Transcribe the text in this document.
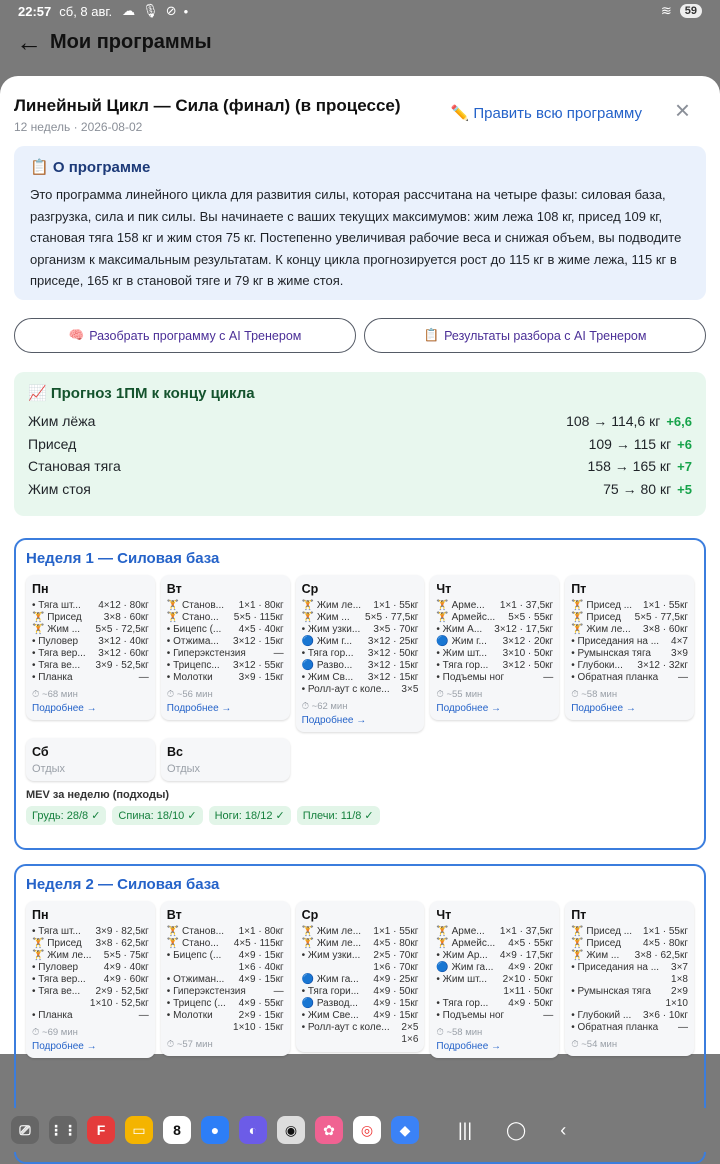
22:57 сб, 8 авг. ☁ 🎙 ⊘ •	≋	59
← Мои программы
Линейный Цикл — Сила (финал) (в процессе)
12 недель · 2026-08-02
✏️ Править всю программу ×
📋 О программе

Это программа линейного цикла для развития силы, которая рассчитана на четыре фазы: силовая база, разгрузка, сила и пик силы. Вы начинаете с ваших текущих максимумов: жим лежа 108 кг, присед 109 кг, становая тяга 158 кг и жим стоя 75 кг. Постепенно увеличивая рабочие веса и снижая объем, вы подводите организм к максимальным результатам. К концу цикла прогнозируется рост до 115 кг в жиме лежа, 115 кг в приседе, 165 кг в становой тяге и 79 кг в жиме стоя.

🧠 Разобрать программу с AI Тренером	📋 Результаты разбора с AI Тренером
📈 Прогноз 1ПМ к концу цикла
Жим лёжа	108 → 114,6 кг +6,6
Присед	109 → 115 кг +6
Становая тяга	158 → 165 кг +7
Жим стоя	75 → 80 кг +5
Неделя 1 — Силовая база
Пн
• Тяга шт... 4×12 · 80кг
🏋 Присед 3×8 · 60кг
🏋 Жим ... 5×5 · 72,5кг
• Пуловер 3×12 · 40кг
• Тяга вер... 3×12 · 60кг
• Тяга ве... 3×9 · 52,5кг
• Планка	—
⏱ ~68 мин
Подробнее →
Вт
🏋 Станов... 1×1 · 80кг
🏋 Стано... 5×5 · 115кг
• Бицепс (... 4×5 · 40кг
• Отжима... 3×12 · 15кг
• Гиперэкстензия	—
• Трицепс... 3×12 · 55кг
• Молотки	3×9 · 15кг
⏱ ~56 мин
Подробнее →
Ср
🏋 Жим ле... 1×1 · 55кг
🏋 Жим ... 5×5 · 77,5кг
• Жим узки... 3×5 · 70кг
🔵 Жим г... 3×12 · 25кг
• Тяга гор... 3×12 · 50кг
🔵 Разво... 3×12 · 15кг
• Жим Св... 3×12 · 15кг
• Ролл-аут с коле... 3×5
⏱ ~62 мин
Подробнее →
Чт
🏋 Арме... 1×1 · 37,5кг
🏋 Армейс... 5×5 · 55кг
• Жим А... 3×12 · 17,5кг
🔵 Жим г... 3×12 · 20кг
• Жим шт... 3×10 · 50кг
• Тяга гор... 3×12 · 50кг
• Подъемы ног	—
⏱ ~55 мин
Подробнее →
Пт
🏋 Присед ... 1×1 · 55кг
🏋 Присед 5×5 · 77,5кг
🏋 Жим ле... 3×8 · 60кг
• Приседания на ... 4×7
• Румынская тяга 3×9
• Глубоки... 3×12 · 32кг
• Обратная планка —
⏱ ~58 мин
Подробнее →
Сб
Отдых
Вс
Отдых
MEV за неделю (подходы)
Грудь: 28/8 ✓	Спина: 18/10 ✓	Ноги: 18/12 ✓	Плечи: 11/8 ✓
Неделя 2 — Силовая база
Пн
• Тяга шт... 3×9 · 82,5кг
🏋 Присед 3×8 · 62,5кг
🏋 Жим ле... 5×5 · 75кг
• Пуловер	4×9 · 40кг
• Тяга вер... 4×9 · 60кг
• Тяга ве... 2×9 · 52,5кг
1×10 · 52,5кг
• Планка	—
⏱ ~69 мин
Подробнее →
Вт
🏋 Станов... 1×1 · 80кг
🏋 Стано... 4×5 · 115кг
• Бицепс (... 4×9 · 15кг
1×6 · 40кг
• Отжиман... 4×9 · 15кг
• Гиперэкстензия	—
• Трицепс (... 4×9 · 55кг
• Молотки	2×9 · 15кг
1×10 · 15кг
⏱ ~57 мин
Ср
🏋 Жим ле... 1×1 · 55кг
🏋 Жим ле... 4×5 · 80кг
• Жим узки... 2×5 · 70кг
1×6 · 70кг
🔵 Жим га... 4×9 · 25кг
• Тяга гори... 4×9 · 50кг
🔵 Развод... 4×9 · 15кг
• Жим Све... 4×9 · 15кг
• Ролл-аут с коле... 2×5
1×6
Чт
🏋 Арме... 1×1 · 37,5кг
🏋 Армейс... 4×5 · 55кг
• Жим Ар... 4×9 · 17,5кг
🔵 Жим га... 4×9 · 20кг
• Жим шт... 2×10 · 50кг
1×11 · 50кг
• Тяга гор... 4×9 · 50кг
• Подъемы ног	—
⏱ ~58 мин
Подробнее →
Пт
🏋 Присед ... 1×1 · 55кг
🏋 Присед 4×5 · 80кг
🏋 Жим ... 3×8 · 62,5кг
• Приседания на ... 3×7
1×8
• Румынская тяга 2×9
1×10
• Глубокий ... 3×6 · 10кг
• Обратная планка —
⏱ ~54 мин
⎚	⋮⋮	F	▭	8	●	◐	◉	✿	◎	◆	||| ◯ ‹
